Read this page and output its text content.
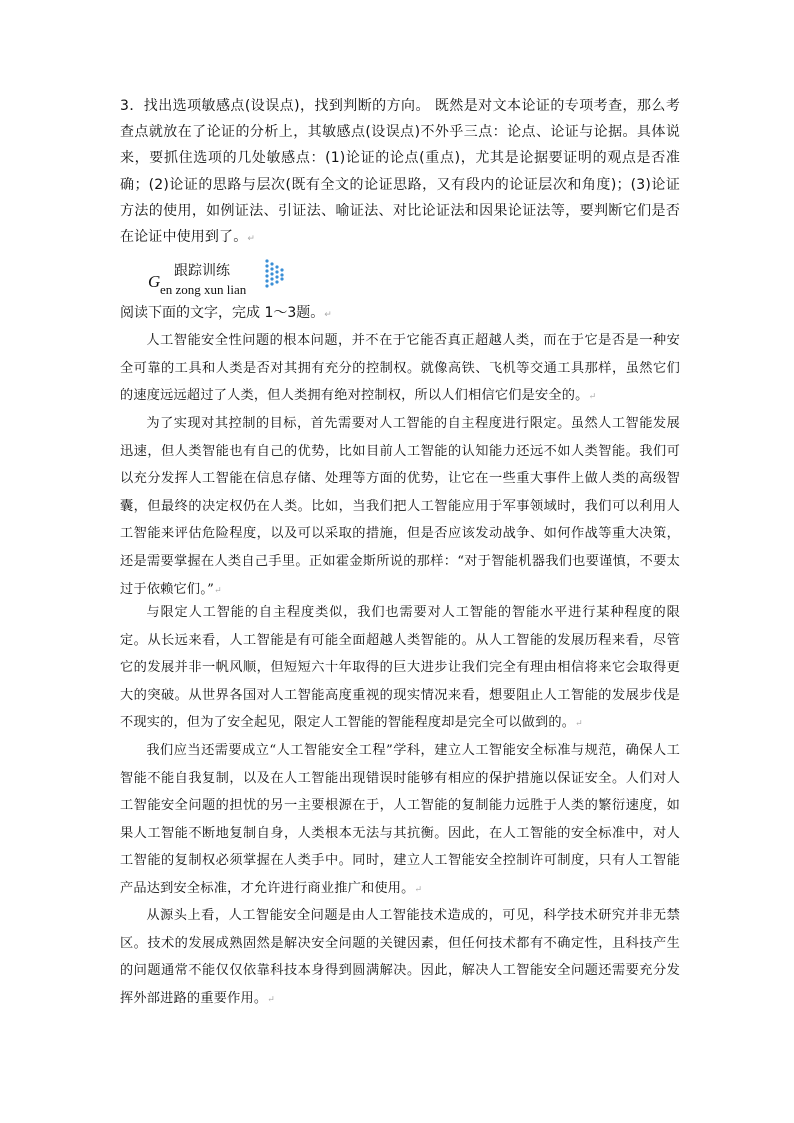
3．找出选项敏感点(设误点)，找到判断的方向。 既然是对文本论证的专项考查，那么考查点就放在了论证的分析上，其敏感点(设误点)不外乎三点：论点、论证与论据。具体说来，要抓住选项的几处敏感点：(1)论证的论点(重点)，尤其是论据要证明的观点是否准确；(2)论证的思路与层次(既有全文的论证思路，又有段内的论证层次和角度)；(3)论证方法的使用，如例证法、引证法、喻证法、对比论证法和因果论证法等，要判断它们是否在论证中使用到了。↵

G
跟踪训练
en zong xun lian

阅读下面的文字，完成 1～3题。↵

人工智能安全性问题的根本问题，并不在于它能否真正超越人类，而在于它是否是一种安全可靠的工具和人类是否对其拥有充分的控制权。就像高铁、飞机等交通工具那样，虽然它们的速度远远超过了人类，但人类拥有绝对控制权，所以人们相信它们是安全的。↵

为了实现对其控制的目标，首先需要对人工智能的自主程度进行限定。虽然人工智能发展迅速，但人类智能也有自己的优势，比如目前人工智能的认知能力还远不如人类智能。我们可以充分发挥人工智能在信息存储、处理等方面的优势，让它在一些重大事件上做人类的高级智囊，但最终的决定权仍在人类。比如，当我们把人工智能应用于军事领域时，我们可以利用人工智能来评估危险程度，以及可以采取的措施，但是否应该发动战争、如何作战等重大决策，还是需要掌握在人类自己手里。正如霍金斯所说的那样：“对于智能机器我们也要谨慎，不要太过于依赖它们。”↵

与限定人工智能的自主程度类似，我们也需要对人工智能的智能水平进行某种程度的限定。从长远来看，人工智能是有可能全面超越人类智能的。从人工智能的发展历程来看，尽管它的发展并非一帆风顺，但短短六十年取得的巨大进步让我们完全有理由相信将来它会取得更大的突破。从世界各国对人工智能高度重视的现实情况来看，想要阻止人工智能的发展步伐是不现实的，但为了安全起见，限定人工智能的智能程度却是完全可以做到的。↵

我们应当还需要成立“人工智能安全工程”学科，建立人工智能安全标准与规范，确保人工智能不能自我复制，以及在人工智能出现错误时能够有相应的保护措施以保证安全。人们对人工智能安全问题的担忧的另一主要根源在于，人工智能的复制能力远胜于人类的繁衍速度，如果人工智能不断地复制自身，人类根本无法与其抗衡。因此，在人工智能的安全标准中，对人工智能的复制权必须掌握在人类手中。同时，建立人工智能安全控制许可制度，只有人工智能产品达到安全标准，才允许进行商业推广和使用。↵

从源头上看，人工智能安全问题是由人工智能技术造成的，可见，科学技术研究并非无禁区。技术的发展成熟固然是解决安全问题的关键因素，但任何技术都有不确定性，且科技产生的问题通常不能仅仅依靠科技本身得到圆满解决。因此，解决人工智能安全问题还需要充分发挥外部进路的重要作用。↵
